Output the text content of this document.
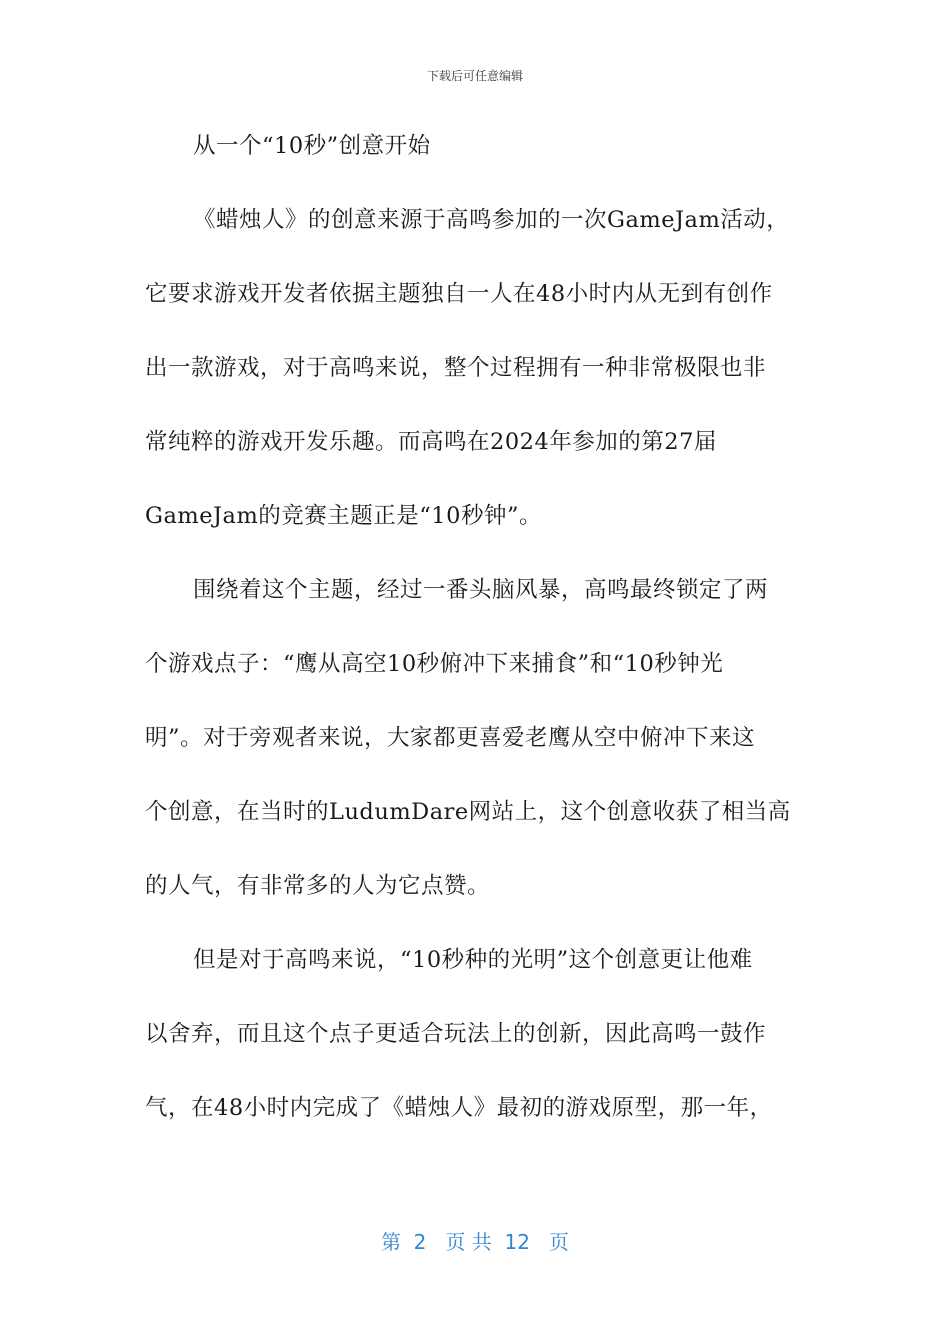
下载后可任意编辑
从一个“10秒”创意开始
《蜡烛人》的创意来源于高鸣参加的一次GameJam活动，
它要求游戏开发者依据主题独自一人在48小时内从无到有创作
出一款游戏，对于高鸣来说，整个过程拥有一种非常极限也非
常纯粹的游戏开发乐趣。而高鸣在2024年参加的第27届
GameJam的竞赛主题正是“10秒钟”。
围绕着这个主题，经过一番头脑风暴，高鸣最终锁定了两
个游戏点子：“鹰从高空10秒俯冲下来捕食”和“10秒钟光
明”。对于旁观者来说，大家都更喜爱老鹰从空中俯冲下来这
个创意，在当时的LudumDare网站上，这个创意收获了相当高
的人气，有非常多的人为它点赞。
但是对于高鸣来说，“10秒种的光明”这个创意更让他难
以舍弃，而且这个点子更适合玩法上的创新，因此高鸣一鼓作
气，在48小时内完成了《蜡烛人》最初的游戏原型，那一年，
第  2   页 共  12   页
